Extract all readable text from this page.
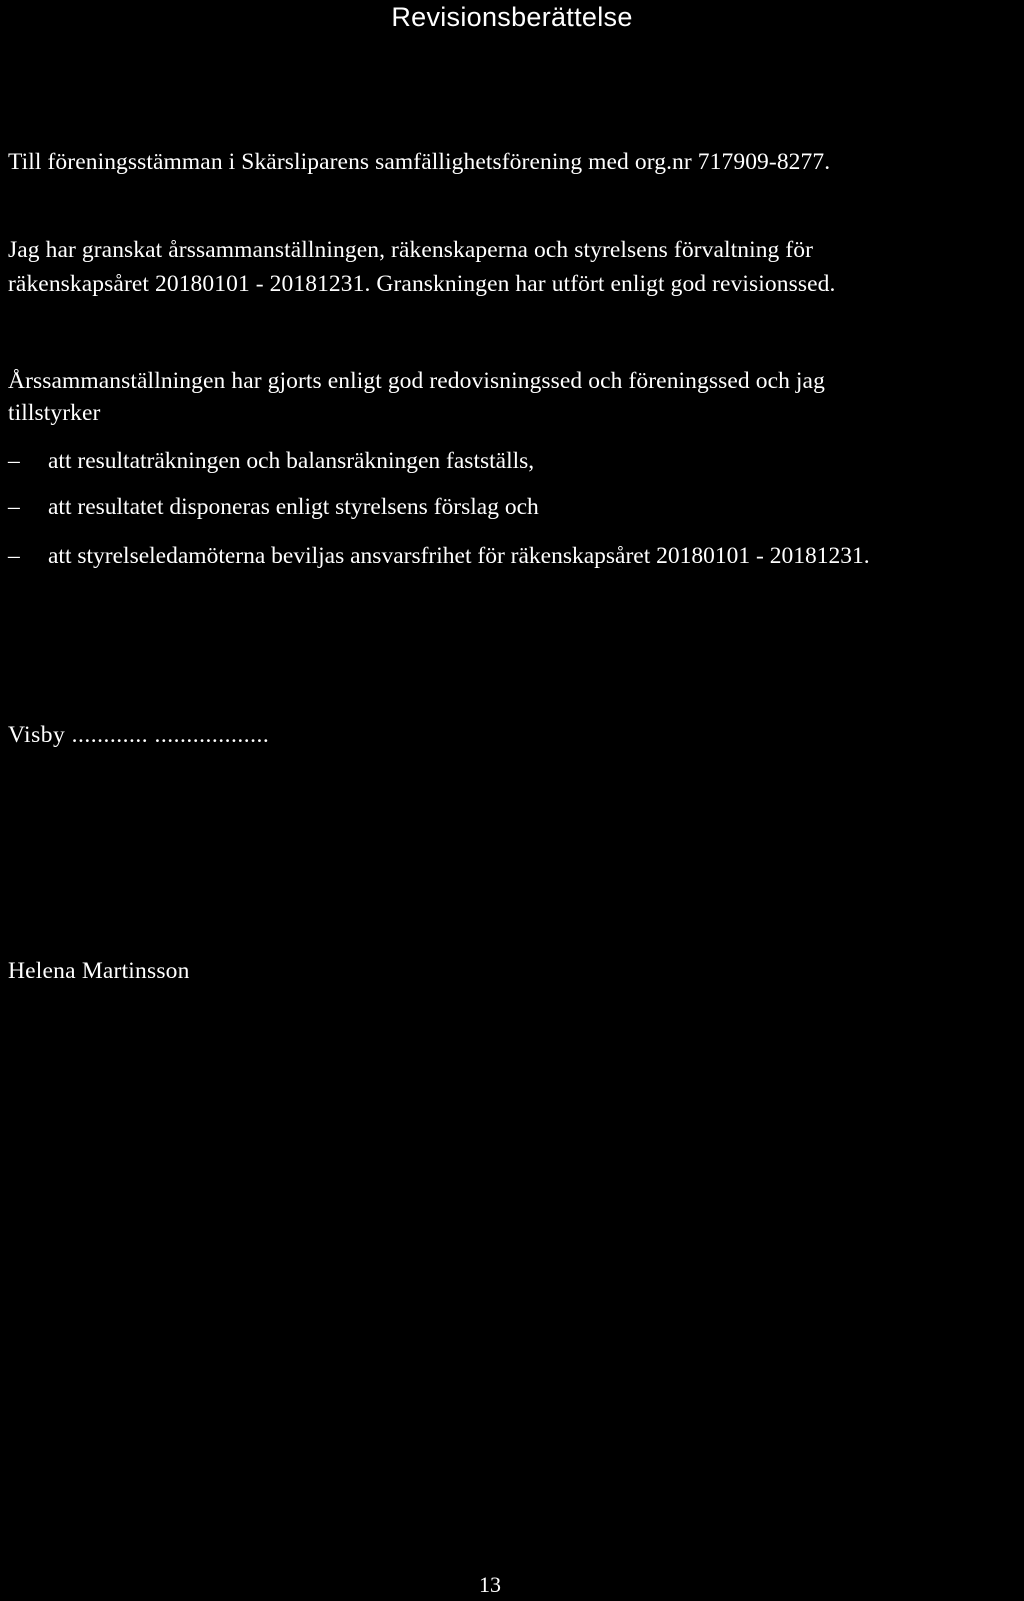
Revisionsberättelse
Till föreningsstämman i Skärsliparens samfällighetsförening med org.nr 717909-8277.
Jag har granskat årssammanställningen, räkenskaperna och styrelsens förvaltning för
räkenskapsåret 20180101 - 20181231. Granskningen har utfört enligt god revisionssed.
Årssammanställningen har gjorts enligt god redovisningssed och föreningssed och jag
tillstyrker
–	att resultaträkningen och balansräkningen fastställs,
–	att resultatet disponeras enligt styrelsens förslag och
–	att styrelseledamöterna beviljas ansvarsfrihet för räkenskapsåret 20180101 - 20181231.
Visby ............ ..................
Helena Martinsson
13
